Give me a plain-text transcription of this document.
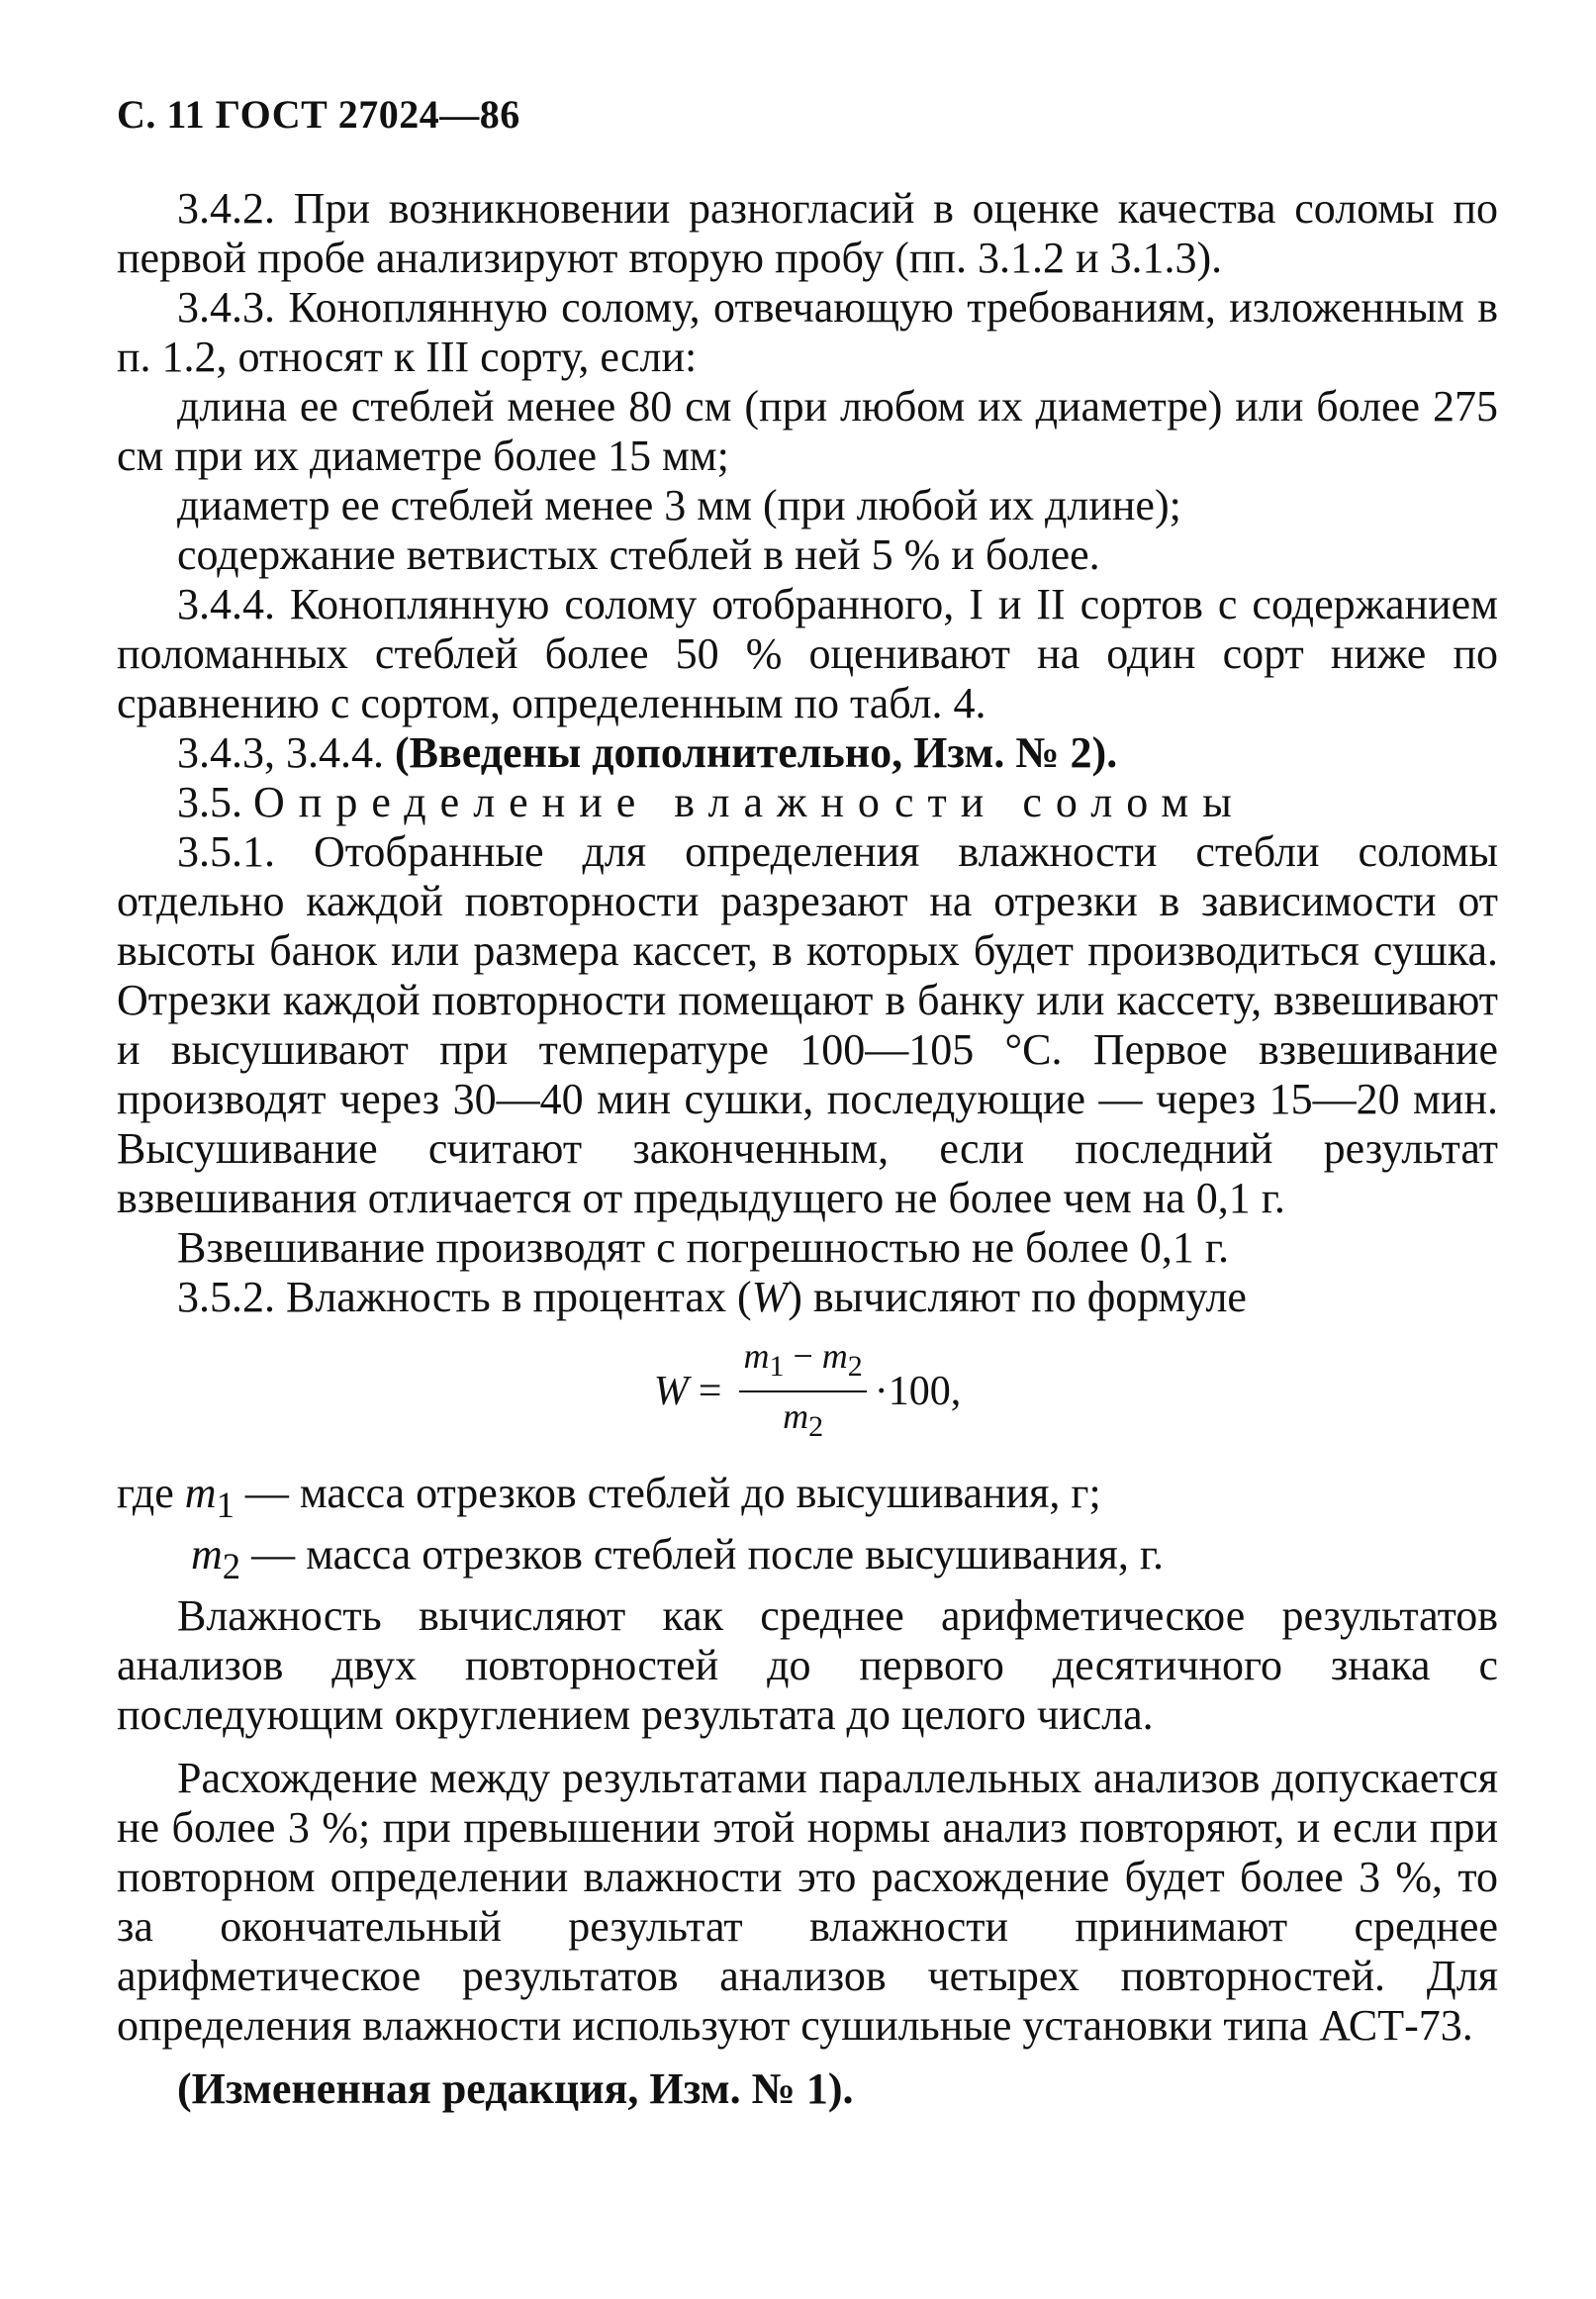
С. 11 ГОСТ 27024—86

3.4.2. При возникновении разногласий в оценке качества соломы по первой пробе анализируют вторую пробу (пп. 3.1.2 и 3.1.3).

3.4.3. Коноплянную солому, отвечающую требованиям, изложенным в п. 1.2, относят к III сорту, если:

длина ее стеблей менее 80 см (при любом их диаметре) или более 275 см при их диаметре более 15 мм;

диаметр ее стеблей менее 3 мм (при любой их длине);

содержание ветвистых стеблей в ней 5 % и более.

3.4.4. Коноплянную солому отобранного, I и II сортов с содержанием поломанных стеблей более 50 % оценивают на один сорт ниже по сравнению с сортом, определенным по табл. 4.

3.4.3, 3.4.4. (Введены дополнительно, Изм. № 2).

3.5. Определение влажности соломы

3.5.1. Отобранные для определения влажности стебли соломы отдельно каждой повторности разрезают на отрезки в зависимости от высоты банок или размера кассет, в которых будет производиться сушка. Отрезки каждой повторности помещают в банку или кассету, взвешивают и высушивают при температуре 100—105 °С. Первое взвешивание производят через 30—40 мин сушки, последующие — через 15—20 мин. Высушивание считают законченным, если последний результат взвешивания отличается от предыдущего не более чем на 0,1 г.

Взвешивание производят с погрешностью не более 0,1 г.

3.5.2. Влажность в процентах (W) вычисляют по формуле

$W = \frac{m_1 - m_2}{m_2} \cdot 100$,

где $m_1$ — масса отрезков стеблей до высушивания, г;

$m_2$ — масса отрезков стеблей после высушивания, г.

Влажность вычисляют как среднее арифметическое результатов анализов двух повторностей до первого десятичного знака с последующим округлением результата до целого числа.

Расхождение между результатами параллельных анализов допускается не более 3 %; при превышении этой нормы анализ повторяют, и если при повторном определении влажности это расхождение будет более 3 %, то за окончательный результат влажности принимают среднее арифметическое результатов анализов четырех повторностей. Для определения влажности используют сушильные установки типа АСТ-73.

(Измененная редакция, Изм. № 1).
